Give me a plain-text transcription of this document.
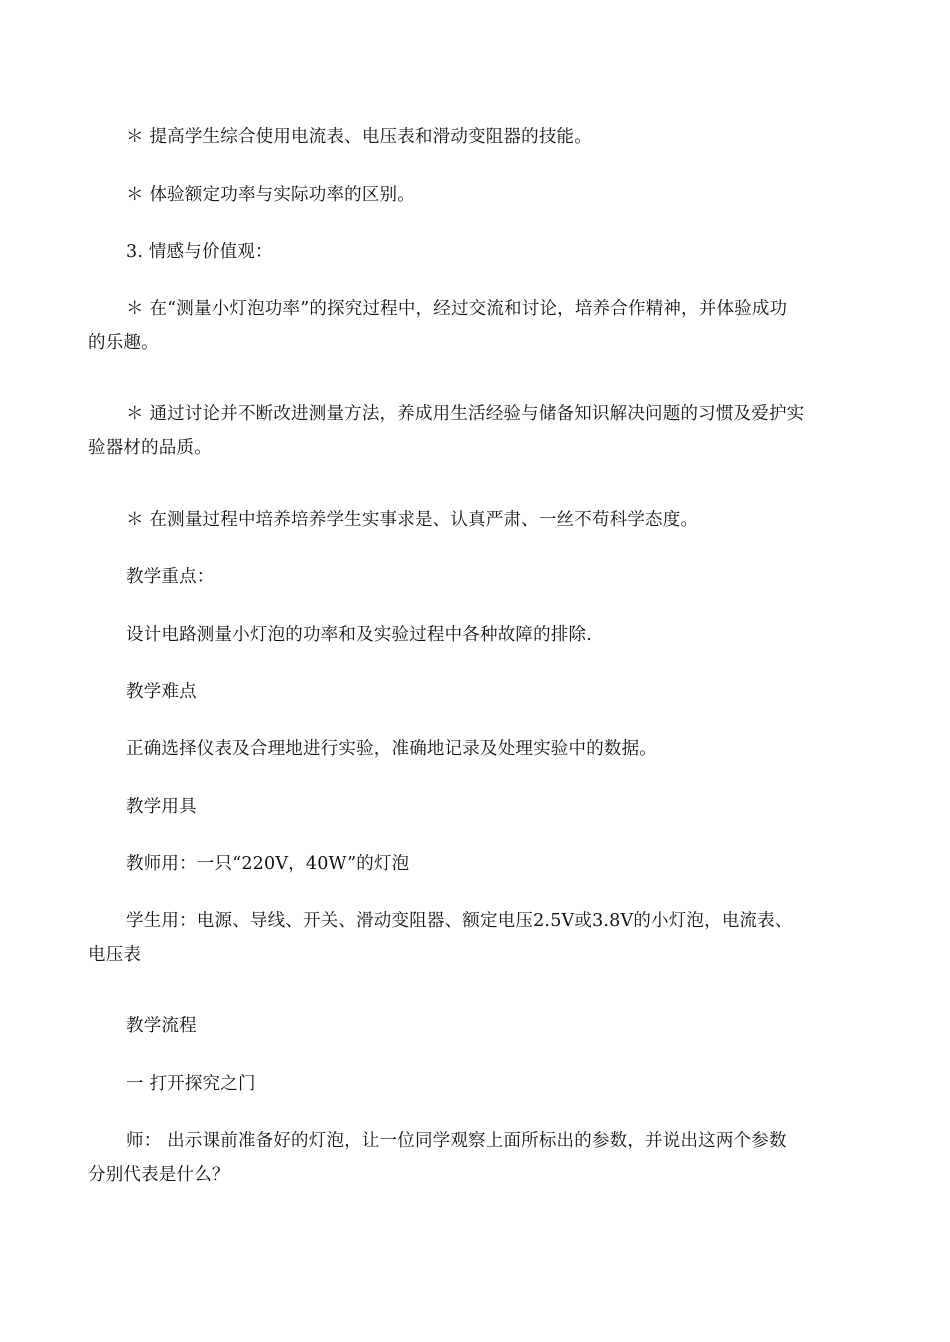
＊ 提高学生综合使用电流表、电压表和滑动变阻器的技能。
＊ 体验额定功率与实际功率的区别。
3. 情感与价值观：
＊ 在“测量小灯泡功率”的探究过程中，经过交流和讨论，培养合作精神，并体验成功
的乐趣。
＊ 通过讨论并不断改进测量方法，养成用生活经验与储备知识解决问题的习惯及爱护实
验器材的品质。
＊ 在测量过程中培养培养学生实事求是、认真严肃、一丝不苟科学态度。
教学重点：
设计电路测量小灯泡的功率和及实验过程中各种故障的排除.
教学难点
正确选择仪表及合理地进行实验，准确地记录及处理实验中的数据。
教学用具
教师用：一只“220V，40W”的灯泡
学生用：电源、导线、开关、滑动变阻器、额定电压2.5V或3.8V的小灯泡，电流表、
电压表
教学流程
一 打开探究之门
师： 出示课前准备好的灯泡，让一位同学观察上面所标出的参数，并说出这两个参数
分别代表是什么？
